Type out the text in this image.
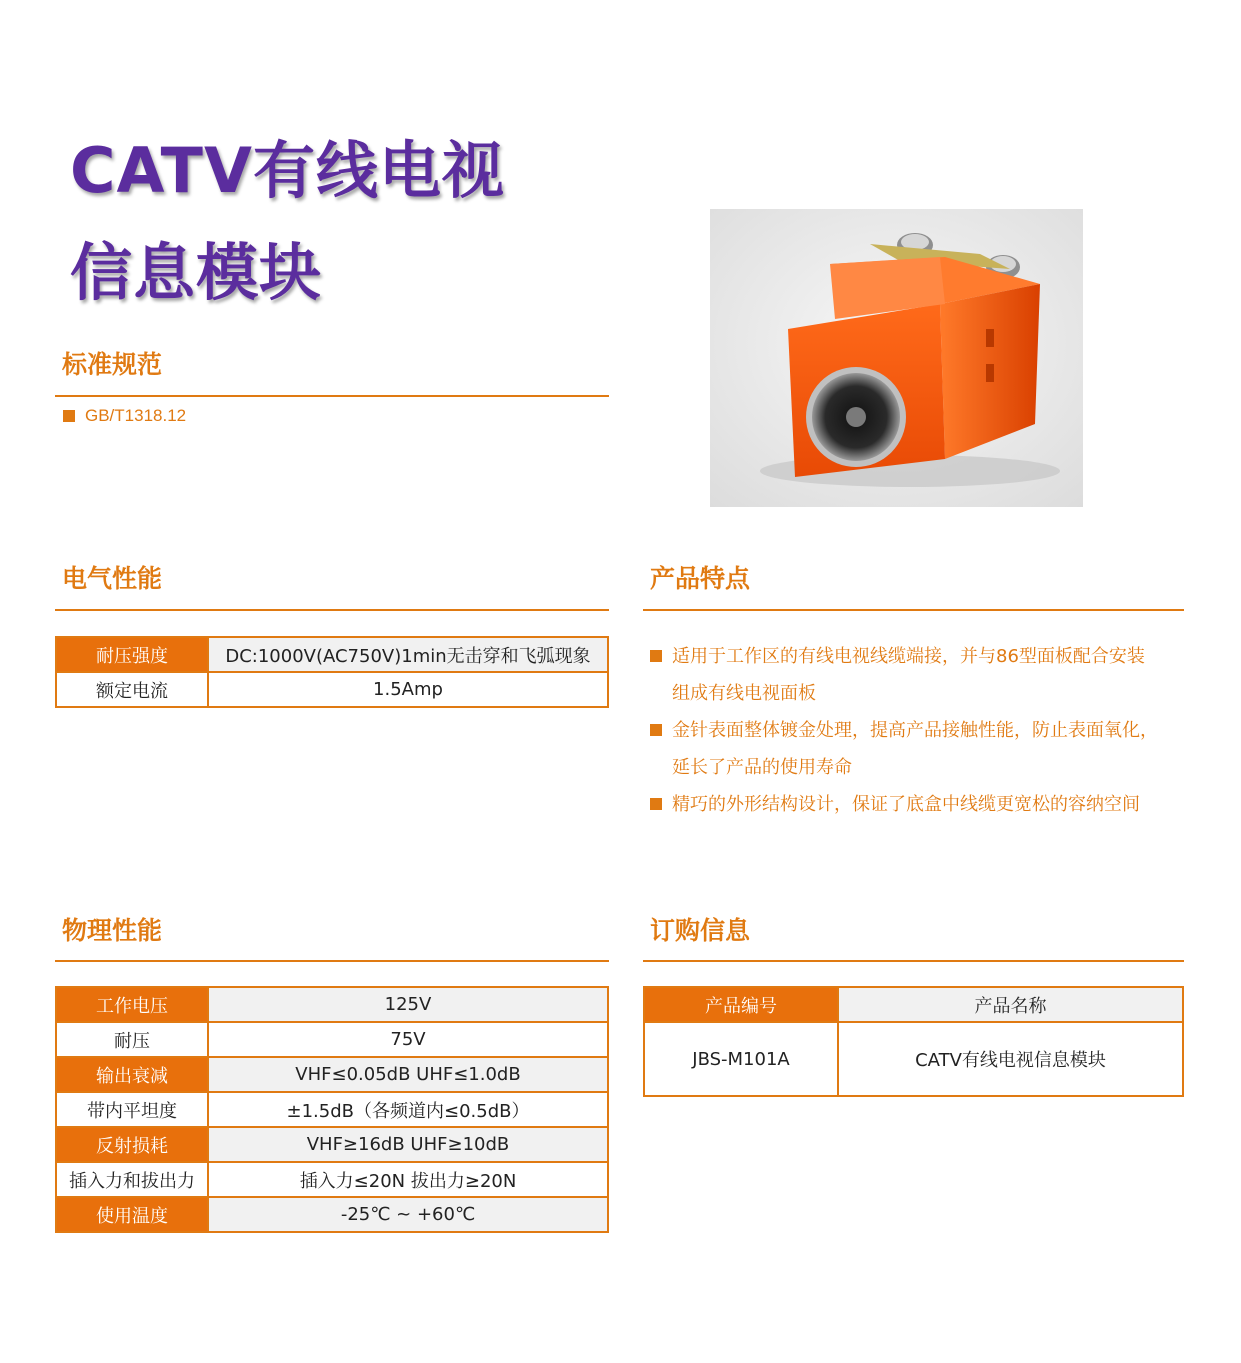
CATV有线电视
信息模块
标准规范
GB/T1318.12
电气性能
耐压强度	DC:1000V(AC750V)1min无击穿和飞弧现象
额定电流	1.5Amp
产品特点
适用于工作区的有线电视线缆端接，并与86型面板配合安装
组成有线电视面板
金针表面整体镀金处理，提高产品接触性能，防止表面氧化，
延长了产品的使用寿命
精巧的外形结构设计，保证了底盒中线缆更宽松的容纳空间
物理性能
工作电压	125V
耐压	75V
输出衰减	VHF≤0.05dB UHF≤1.0dB
带内平坦度	±1.5dB（各频道内≤0.5dB）
反射损耗	VHF≥16dB UHF≥10dB
插入力和拔出力	插入力≤20N 拔出力≥20N
使用温度	-25℃ ~ +60℃
订购信息
产品编号	产品名称
JBS-M101A	CATV有线电视信息模块
